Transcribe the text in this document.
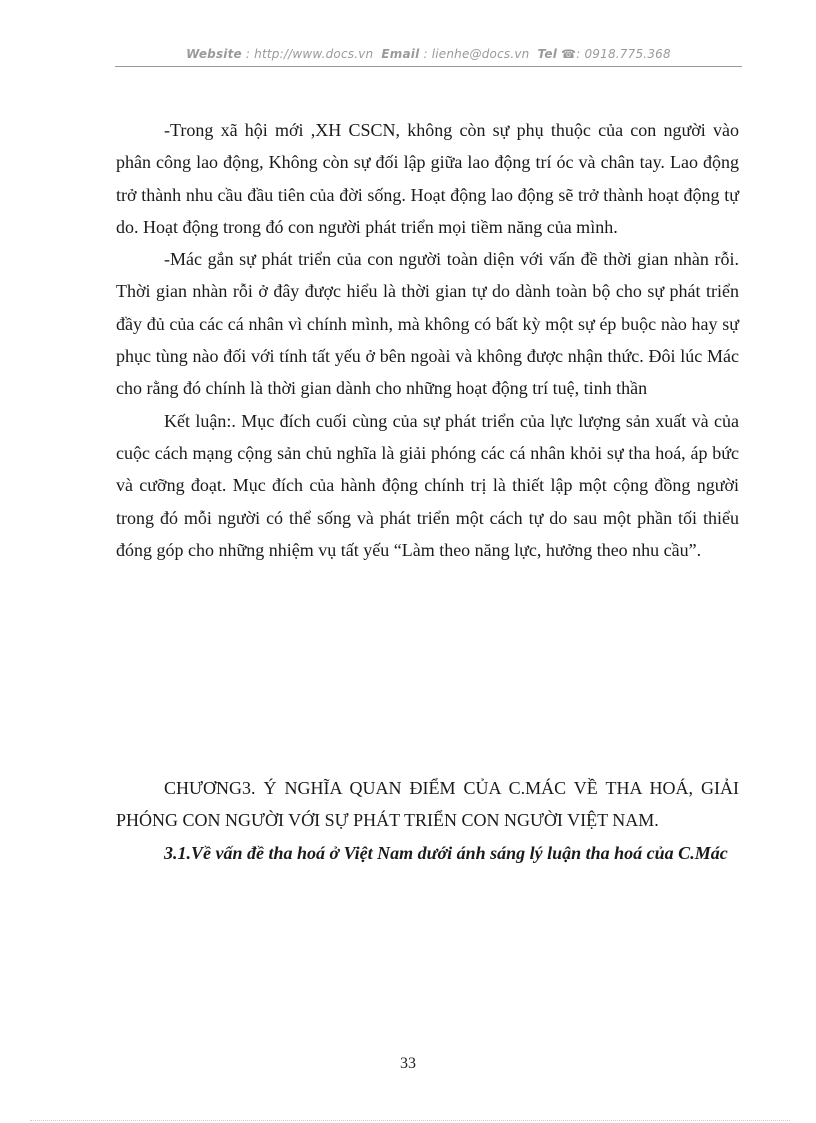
Website : http://www.docs.vn Email : lienhe@docs.vn Tel ☎: 0918.775.368

-Trong xã hội mới ,XH CSCN, không còn sự phụ thuộc của con người vào phân công lao động, Không còn sự đối lập giữa lao động trí óc và chân tay. Lao động trở thành nhu cầu đầu tiên của đời sống. Hoạt động lao động sẽ trở thành hoạt động tự do. Hoạt động trong đó con người phát triển mọi tiềm năng của mình.

-Mác gắn sự phát triển của con người toàn diện với vấn đề thời gian nhàn rỗi. Thời gian nhàn rỗi ở đây được hiểu là thời gian tự do dành toàn bộ cho sự phát triển đầy đủ của các cá nhân vì chính mình, mà không có bất kỳ một sự ép buộc nào hay sự phục tùng nào đối với tính tất yếu ở bên ngoài và không được nhận thức. Đôi lúc Mác cho rằng đó chính là thời gian dành cho những hoạt động trí tuệ, tinh thần

Kết luận:. Mục đích cuối cùng của sự phát triển của lực lượng sản xuất và của cuộc cách mạng cộng sản chủ nghĩa là giải phóng các cá nhân khỏi sự tha hoá, áp bức và cưỡng đoạt. Mục đích của hành động chính trị là thiết lập một cộng đồng người trong đó mỗi người có thể sống và phát triển một cách tự do sau một phần tối thiểu đóng góp cho những nhiệm vụ tất yếu “Làm theo năng lực, hưởng theo nhu cầu”.

CHƯƠNG3. Ý NGHĨA QUAN ĐIỂM CỦA C.MÁC VỀ THA HOÁ, GIẢI PHÓNG CON NGƯỜI VỚI SỰ PHÁT TRIỂN CON NGƯỜI VIỆT NAM.

3.1.Về vấn đề tha hoá ở Việt Nam dưới ánh sáng lý luận tha hoá của C.Mác

33
